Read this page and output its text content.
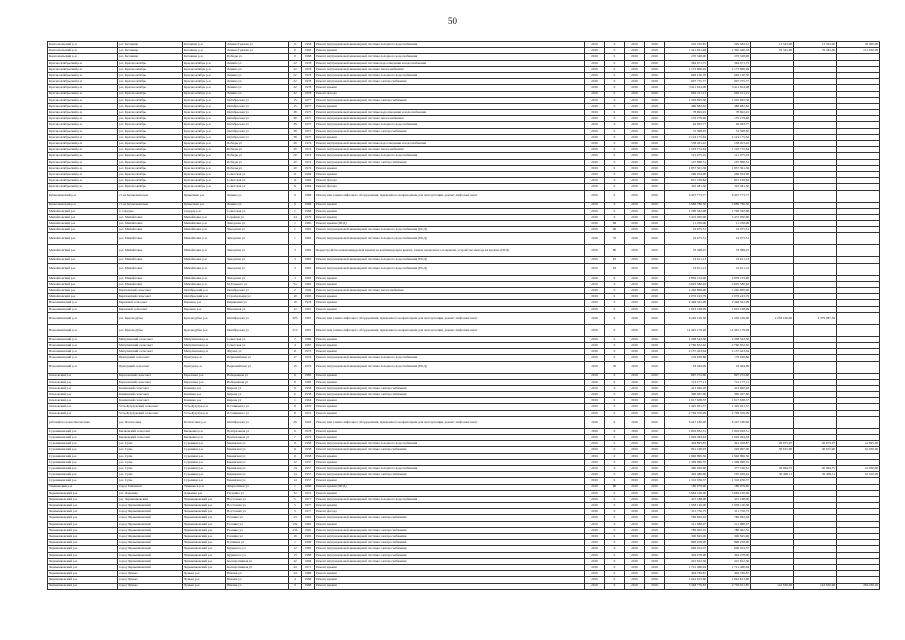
50
Комсомольский р-н	р.п. Кетовица	Кетовица р-н	Ленина Грязева ул	6	1956	Ремонт внутридомовой инженерной системы холодного водоснабжения	2016	0	2016	2016	202 195,85	249 384,12	13 543,00	13 543,00	50 000,00
Комсомольский р-н	р.п. Кетовица	Кетовица р-н	Ленина Грязева ул	6	1962	Ремонт крыши	2016	0	2016	2016	1 421 921,48	1 395 446,18	76 345,00	76 345,00	151 950,00
Комсомольский р-н	р.п. Кетовица	Кетовица р-н	Победы ул	9	1968	Ремонт внутридомовой инженерной системы холодного водоснабжения	2016	0	2016	2016	270 548,00	270 548,00			
Краснооктябрьский р-н	р.п. Краснооктябрь	Краснооктябрь р-н	Ленина ул	22	1978	Ремонт внутридомовой инженерной системы водоотведения и водоснабжения	2016	0	2016	2016	364 071,75	364 071,75			
Краснооктябрьский р-н	р.п. Краснооктябрь	Краснооктябрь р-н	Ленина ул	22	1978	Ремонт внутридомовой инженерной системы теплоснабжения	2016	0	2016	2016	1 175 806,49	1 175 806,49			
Краснооктябрьский р-н	р.п. Краснооктябрь	Краснооктябрь р-н	Ленина ул	22	1978	Ремонт внутридомовой инженерной системы холодного водоснабжения	2016	0	2016	2016	649 136,70	649 136,70			
Краснооктябрьский р-н	р.п. Краснооктябрь	Краснооктябрь р-н	Ленина ул	22	1978	Ремонт внутридомовой инженерной системы электроснабжения	2016	0	2016	2016	607 775,77	607 775,77			
Краснооктябрьский р-н	р.п. Краснооктябрь	Краснооктябрь р-н	Ленина ул	22	1978	Ремонт крыши	2016	0	2016	2016	3 411 814,08	3 411 814,08			
Краснооктябрьский р-н	р.п. Краснооктябрь	Краснооктябрь р-н	Ленина ул	22	1978	Ремонт фасада	2016	0	2016	2016	662 211,21	662 211,21			
Краснооктябрьский р-н	р.п. Краснооктябрь	Краснооктябрь р-н	Октябрьская ул	15	1977	Ремонт внутридомовой инженерной системы электроснабжения	2016	0	2016	2016	1 205 695,56	1 205 695,56			
Краснооктябрьский р-н	р.п. Краснооктябрь	Краснооктябрь р-н	Октябрьская ул	15	1977	Ремонт крыши	2016	0	2016	2016	486 682,62	486 682,62			
Краснооктябрьский р-н	р.п. Краснооктябрь	Краснооктябрь р-н	Октябрьская ул	38	1975	Ремонт внутридомовой инженерной системы водоотведения и водоснабжения	2016	0	2016	2016	78 692,45	78 692,45			
Краснооктябрьский р-н	р.п. Краснооктябрь	Краснооктябрь р-н	Октябрьская ул	38	1975	Ремонт внутридомовой инженерной системы теплоснабжения	2016	0	2016	2016	176 279,46	176 279,46			
Краснооктябрьский р-н	р.п. Краснооктябрь	Краснооктябрь р-н	Октябрьская ул	38	1975	Ремонт внутридомовой инженерной системы холодного водоснабжения	2016	0	2016	2016	64 063,77	64 063,77			
Краснооктябрьский р-н	р.п. Краснооктябрь	Краснооктябрь р-н	Октябрьская ул	38	1975	Ремонт внутридомовой инженерной системы электроснабжения	2016	0	2016	2016	51 398,65	51 398,65			
Краснооктябрьский р-н	р.п. Краснооктябрь	Краснооктябрь р-н	Октябрьская ул	38	1975	Ремонт крыши	2016	0	2016	2016	2 124 175,64	2 124 175,64			
Краснооктябрьский р-н	р.п. Краснооктябрь	Краснооктябрь р-н	Победы ул	20	1974	Ремонт внутридомовой инженерной системы водоотведения и водоснабжения	2016	0	2016	2016	138 201,42	138 201,42			
Краснооктябрьский р-н	р.п. Краснооктябрь	Краснооктябрь р-н	Победы ул	20	1974	Ремонт внутридомовой инженерной системы теплоснабжения	2016	0	2016	2016	1 103 772,64	1 103 772,64			
Краснооктябрьский р-н	р.п. Краснооктябрь	Краснооктябрь р-н	Победы ул	20	1974	Ремонт внутридомовой инженерной системы холодного водоснабжения	2016	0	2016	2016	121 475,19	121 475,19			
Краснооктябрьский р-н	р.п. Краснооктябрь	Краснооктябрь р-н	Победы ул	20	1974	Ремонт внутридомовой инженерной системы электроснабжения	2016	0	2016	2016	197 896,51	197 896,51			
Краснооктябрьский р-н	р.п. Краснооктябрь	Краснооктябрь р-н	Победы ул	20	1974	Ремонт крыши	2016	0	2016	2016	1 857 301,36	1 857 301,36			
Краснооктябрьский р-н	р.п. Краснооктябрь	Краснооктябрь р-н	Советская ул	11	1964	Ремонт крыши	2016	0	2016	2016	269 934,00	269 934,00			
Краснооктябрьский р-н	р.п. Краснооктябрь	Краснооктябрь р-н	Советская ул	11	1964	Ремонт фасада	2016	0	2016	2016	815 199,84	815 199,84			
Краснооктябрьский р-н	р.п. Краснооктябрь	Краснооктябрь р-н	Советская ул	11	1964	Ремонт фасада	2016	0	2016	2016	322 481,56	322 481,56			
Кумылженский р-н	ст-ца Кумылженская	Кумылжен р-н	Ленина ул	9	1966	Ремонт или замена лифтового оборудования, признанного непригодным для эксплуатации, ремонт лифтовых шахт	2016	0	2016	2016	6 457 773,77	6 457 773,77			
Кумылженский р-н	ст-ца Кумылженская	Кумылжен р-н	Ленина ул	9	1966	Ремонт крыши	2016	0	2016	2016	3 686 780,30	3 686 780,30			
Михайловский р-н	х. Сидоры	Сидоры р-н	Советская ул	1	1968	Ремонт крыши	2016	0	2016	2016	1 790 562,98	1 790 562,98			
Михайловский р-н	р.п. Михайловка	Михайловка р-н	Серафим ул	24	1979	Ремонт крыши	2016	0	2016	2016	3 472 930,96	3 472 930,96			
Михайловский р-н	р.п. Михайловка	Михайловка р-н	Заводская ул	1	1965	Ремонт крыши (ПСД)	2016	86	2016	2016	11 256,96	11 256,96			
Михайловский р-н	р.п. Михайловка	Михайловка р-н	Заводская ул	1	1965	Ремонт внутридомовой инженерной системы холодного водоснабжения (ПСД)	2016	60	2016	2016	19 075,51	19 075,51			
Михайловский р-н	р.п. Михайловка	Михайловка р-н	Заводская ул	1	1965	Ремонт внутридомовой инженерной системы холодного водоснабжения (ПСД)	2016	76	2016	2016	19 075,51	19 075,51			
Михайловский р-н	р.п. Михайловка	Михайловка р-н	Заводская ул	3	1965	Переустройство невентилируемой крыши на вентилируемую крышу, замена кровельного покрытия, устройство выхода на кровлю (ПСД)	2016	80	2016	2016	53 398,25	53 398,25			
Михайловский р-н	р.п. Михайловка	Михайловка р-н	Заводская ул	3	1965	Ремонт внутридомовой инженерной системы холодного водоснабжения (ПСД)	2016	61	2016	2016	19 611,13	19 611,13			
Михайловский р-н	р.п. Михайловка	Михайловка р-н	Заводская ул	3	1965	Ремонт внутридомовой инженерной системы холодного водоснабжения (ПСД)	2016	63	2016	2016	19 611,13	19 611,13			
Михайловский р-н	р.п. Михайловка	Михайловка р-н	Заводская ул	3	1965	Ремонт крыши	2016	0	2016	2016	2 859 153,00	2 859 153,00			
Михайловский р-н	р.п. Михайловка	Михайловка р-н	М.Горького ул	5a	1962	Ремонт крыши	2016	0	2016	2016	3 625 580,94	3 625 580,94			
Михайловский р-н	Берёзовский сельсовет	Октябрьский р-н	Октябрьская ул	2	1994	Ремонт внутридомовой инженерной системы теплоснабжения	2016	0	2016	2016	1 240 809,00	1 240 809,00			
Михайловский р-н	Берёзовский сельсовет	Октябрьский р-н	Строительная ул	10	1965	Ремонт крыши	2016	0	2016	2016	2 076 243,79	2 076 243,79			
Новоаннинский р-н	Бережной сельсовет	Бережок р-н	Кирпичная ул	18	1978	Ремонт крыши	2016	0	2016	2016	2 448 561,09	2 448 561,09			
Новоаннинский р-н	Бережной сельсовет	Бережок р-н	Школьная ул	12	1967	Ремонт крыши	2016	0	2016	2016	1 623 168,09	1 623 168,09			
Новоаннинский р-н	р.п. Краснодубье	Краснодубье р-н	Октябрьская ул	205	1967	Ремонт или замена лифтового оборудования, признанного непригодным для эксплуатации, ремонт лифтовых шахт	2016	0	2016	2016	6 226 216,56	2 256 106,00	2 256 106,00	1 379 987,39	
Новоаннинский р-н	р.п. Краснодубье	Краснодубье р-н	Октябрьская ул	212	1967	Ремонт или замена лифтового оборудования, признанного непригодным для эксплуатации, ремонт лифтовых шахт	2016	0	2016	2016	12 445 179,28	12 445 179,28			
Новоаннинский р-н	Мигулинский сельсовет	Мигулинская р-н	Советская ул	7	1969	Ремонт крыши	2016	0	2016	2016	2 208 543,36	2 208 543,36			
Новоаннинский р-н	Мигулинский сельсовет	Мигулинская р-н	Советская ул	4	1967	Ремонт крыши	2016	0	2016	2016	2 760 652,62	2 760 652,62			
Новоаннинский р-н	Мигулинский сельсовет	Мигулинская р-н	Фрунзе ул	11	1973	Ремонт крыши	2016	0	2016	2016	2 157 423,64	2 157 423,64			
Новоаннинский р-н	Прилуцкий сельсовет	Прилуки р-н	Первомайская ул	17	1976	Ремонт внутридомовой инженерной системы холодного водоснабжения	2016	0	2016	2016	179 028,86	179 028,86			
Новоаннинский р-н	Прилуцкий сельсовет	Прилуки р-н	Первомайская ул	19	1976	Ремонт внутридомовой инженерной системы холодного водоснабжения (ПСД)	2016	50	2016	2016	18 464,09	18 464,09			
Ольховский р-н	Березовский сельсовет	Березовка р-н	Набережная ул	6	1983	Ремонт крыши	2016	0	2016	2016	867 272,60	867 272,60			
Ольховский р-н	Березовский сельсовет	Березовка р-н	Набережная ул	8	1982	Ремонт крыши	2016	0	2016	2016	712 177,11	712 177,11			
Ольховский р-н	Каменский сельсовет	Каменка р-н	Кирова ул	6	1958	Ремонт внутридомовой инженерной системы электроснабжения	2016	0	2016	2016	413 640,26	413 640,26			
Ольховский р-н	Каменский сельсовет	Каменка р-н	Кирова ул	6	1958	Ремонт внутридомовой инженерной системы электроснабжения	2016	0	2016	2016	300 497,60	300 497,60			
Ольховский р-н	Каменский сельсовет	Каменка р-н	Кирова ул	1	1964	Ремонт крыши	2016	0	2016	2016	1 617 638,37	1 617 638,37			
Ольховский р-н	Усть-Бузулукский сельсовет	Усть-Бузулук р-н	П.Савицкого ул	8	1970	Ремонт крыши	2016	0	2016	2016	1 345 931,57	1 345 931,57			
Ольховский р-н	Усть-Бузулукский сельсовет	Усть-Бузулук р-н	П.Савицкого ул	8	1972	Ремонт крыши	2016	0	2016	2016	2 769 376,09	2 769 376,09			
рабочий поселок Палласовка	р.п. Палласовка	Палласовка р-н	Октябрьская ул	26	1993	Ремонт или замена лифтового оборудования, признанного непригодным для эксплуатации, ремонт лифтовых шахт	2016	0	2016	2016	6 247 180,00	6 247 180,00			
Суровикинский р-н	Бычковский сельсовет	Бычковка р-н	Центральная ул	6	1978	Ремонт крыши	2016	0	2016	2016	1 816 932,51	1 816 932,51			
Суровикинский р-н	Бычковский сельсовет	Бычковка р-н	Центральная ул	7	1979	Ремонт крыши	2016	0	2016	2016	1 029 494,63	1 029 494,63			
Суровикинский р-н	р.п. Сулы	Суровики р-н	Бакинская ул	11	1958	Ремонт внутридомовой инженерной системы холодного водоснабжения	2016	0	2016	2016	404 893,85	391 458,87	20 975,97	20 975,97	41 895,00
Суровикинский р-н	р.п. Сулы	Суровики р-н	Бакинская ул	11	1958	Ремонт внутридомовой инженерной системы электроснабжения	2016	0	2016	2016	821 168,93	220 097,00	30 815,00	30 815,00	61 630,00
Суровикинский р-н	р.п. Сулы	Суровики р-н	Бакинская ул	11	1958	Ремонт крыши	2016	0	2016	2016	1 840 896,56	1 840 896,56			
Суровикинский р-н	р.п. Сулы	Суровики р-н	Бакинская ул	12	1957	Ремонт крыши	2016	0	2016	2016	1 369 096,35	1 369 096,35			
Суровикинский р-н	р.п. Сулы	Суровики р-н	Бакинская ул	14	1957	Ремонт внутридомовой инженерной системы холодного водоснабжения	2016	0	2016	2016	460 026,60	377 196,81	20 964,75	20 964,75	41 930,00
Суровикинский р-н	р.п. Сулы	Суровики р-н	Бакинская ул	14	1957	Ремонт внутридомовой инженерной системы электроснабжения	2016	0	2016	2016	426 486,66	705 029,45	30 499,11	30 499,11	61 410,00
Суровикинский р-н	р.п. Сулы	Суровики р-н	Бакинская ул	14	1957	Ремонт крыши	2016	0	2016	2016	1 310 036,37	1 310 036,37			
Тамшанский р-н	город Тамшанск	Тамшанск р-н	Энергетиков ул	1	1966	Ремонт крыши (ПСД)	2016	80	2016	2016	180 979,90	180 979,90			
Чернышковский р-н	р.п. Дарьевка	Дарьевка р-н	Гагарина ул	32	1972	Ремонт крыши	2016	0	2016	2016	3 684 100,00	3 684 100,00			
Чернышковский р-н	р.п. Чернышковский	Чернышковский р-н	Восточная ул	5	1977	Ремонт внутридомовой инженерной системы холодного водоснабжения	2016	0	2016	2016	415 188,00	415 188,00			
Чернышковский р-н	город Чернышковский	Чернышковский р-н	Восточная ул	5	1977	Ремонт крыши	2016	0	2016	2016	1 958 126,00	1 958 126,00			
Чернышковский р-н	город Чернышковский	Чернышковский р-н	Восточная ул	5	1977	Ремонт фасада	2016	0	2016	2016	311 750,75	311 750,75			
Чернышковский р-н	город Чернышковский	Чернышковский р-н	Есенина ул	23	1962	Ремонт внутридомовой инженерной системы электроснабжения	2016	0	2016	2016	786 692,02	786 692,02			
Чернышковский р-н	город Чернышковский	Чернышковский р-н	Есенина ул	23а	1962	Ремонт крыши	2016	0	2016	2016	511 080,07	511 080,07			
Чернышковский р-н	город Чернышковский	Чернышковский р-н	Есенина ул	23б	1962	Ремонт внутридомовой инженерной системы электроснабжения	2016	0	2016	2016	786 402,35	786 402,35			
Чернышковский р-н	город Чернышковский	Чернышковский р-н	Есенина ул	16	1965	Ремонт внутридомовой инженерной системы электроснабжения	2016	0	2016	2016	300 845,00	300 845,00			
Чернышковский р-н	город Чернышковский	Чернышковский р-н	Пушкина ул	1	1969	Ремонт внутридомовой инженерной системы электроснабжения	2016	0	2016	2016	896 258,00	896 258,00			
Чернышковский р-н	город Чернышковский	Чернышковский р-н	Буденного ул	12	1985	Ремонт внутридомовой инженерной системы электроснабжения	2016	0	2016	2016	606 453,37	606 453,37			
Чернышковский р-н	город Чернышковский	Чернышковский р-н	Буденного ул	13	1988	Ремонт внутридомовой инженерной системы электроснабжения	2016	0	2016	2016	394 278,00	394 278,00			
Чернышковский р-н	город Чернышковский	Чернышковский р-н	Кооперативная ул	42	1966	Ремонт внутридомовой инженерной системы электроснабжения	2016	0	2016	2016	201 812,56	201 812,56			
Чернышковский р-н	город Чернышковский	Чернышковский р-н	Кооперативная ул	44	1971	Ремонт крыши	2016	0	2016	2016	1 721 460,94	1 721 460,94			
Чернышковский р-н	город Чунька	Чунька р-н	Южная ул	24	1989	Ремонт крыши	2016	0	2016	2016	494 769,87	494 769,87			
Чернышковский р-н	город Чунька	Чунька р-н	Южная ул	4	1968	Ремонт крыши	2016	0	2016	2016	1 642 813,60	1 642 813,60			
Чернышковский р-н	город Чунька	Чунька р-н	Южная ул	9	1968	Ремонт крыши	2016	0	2016	2016	3 348 779,83	2 704 811,85	142 630,00	142 630,00	284 260,20
